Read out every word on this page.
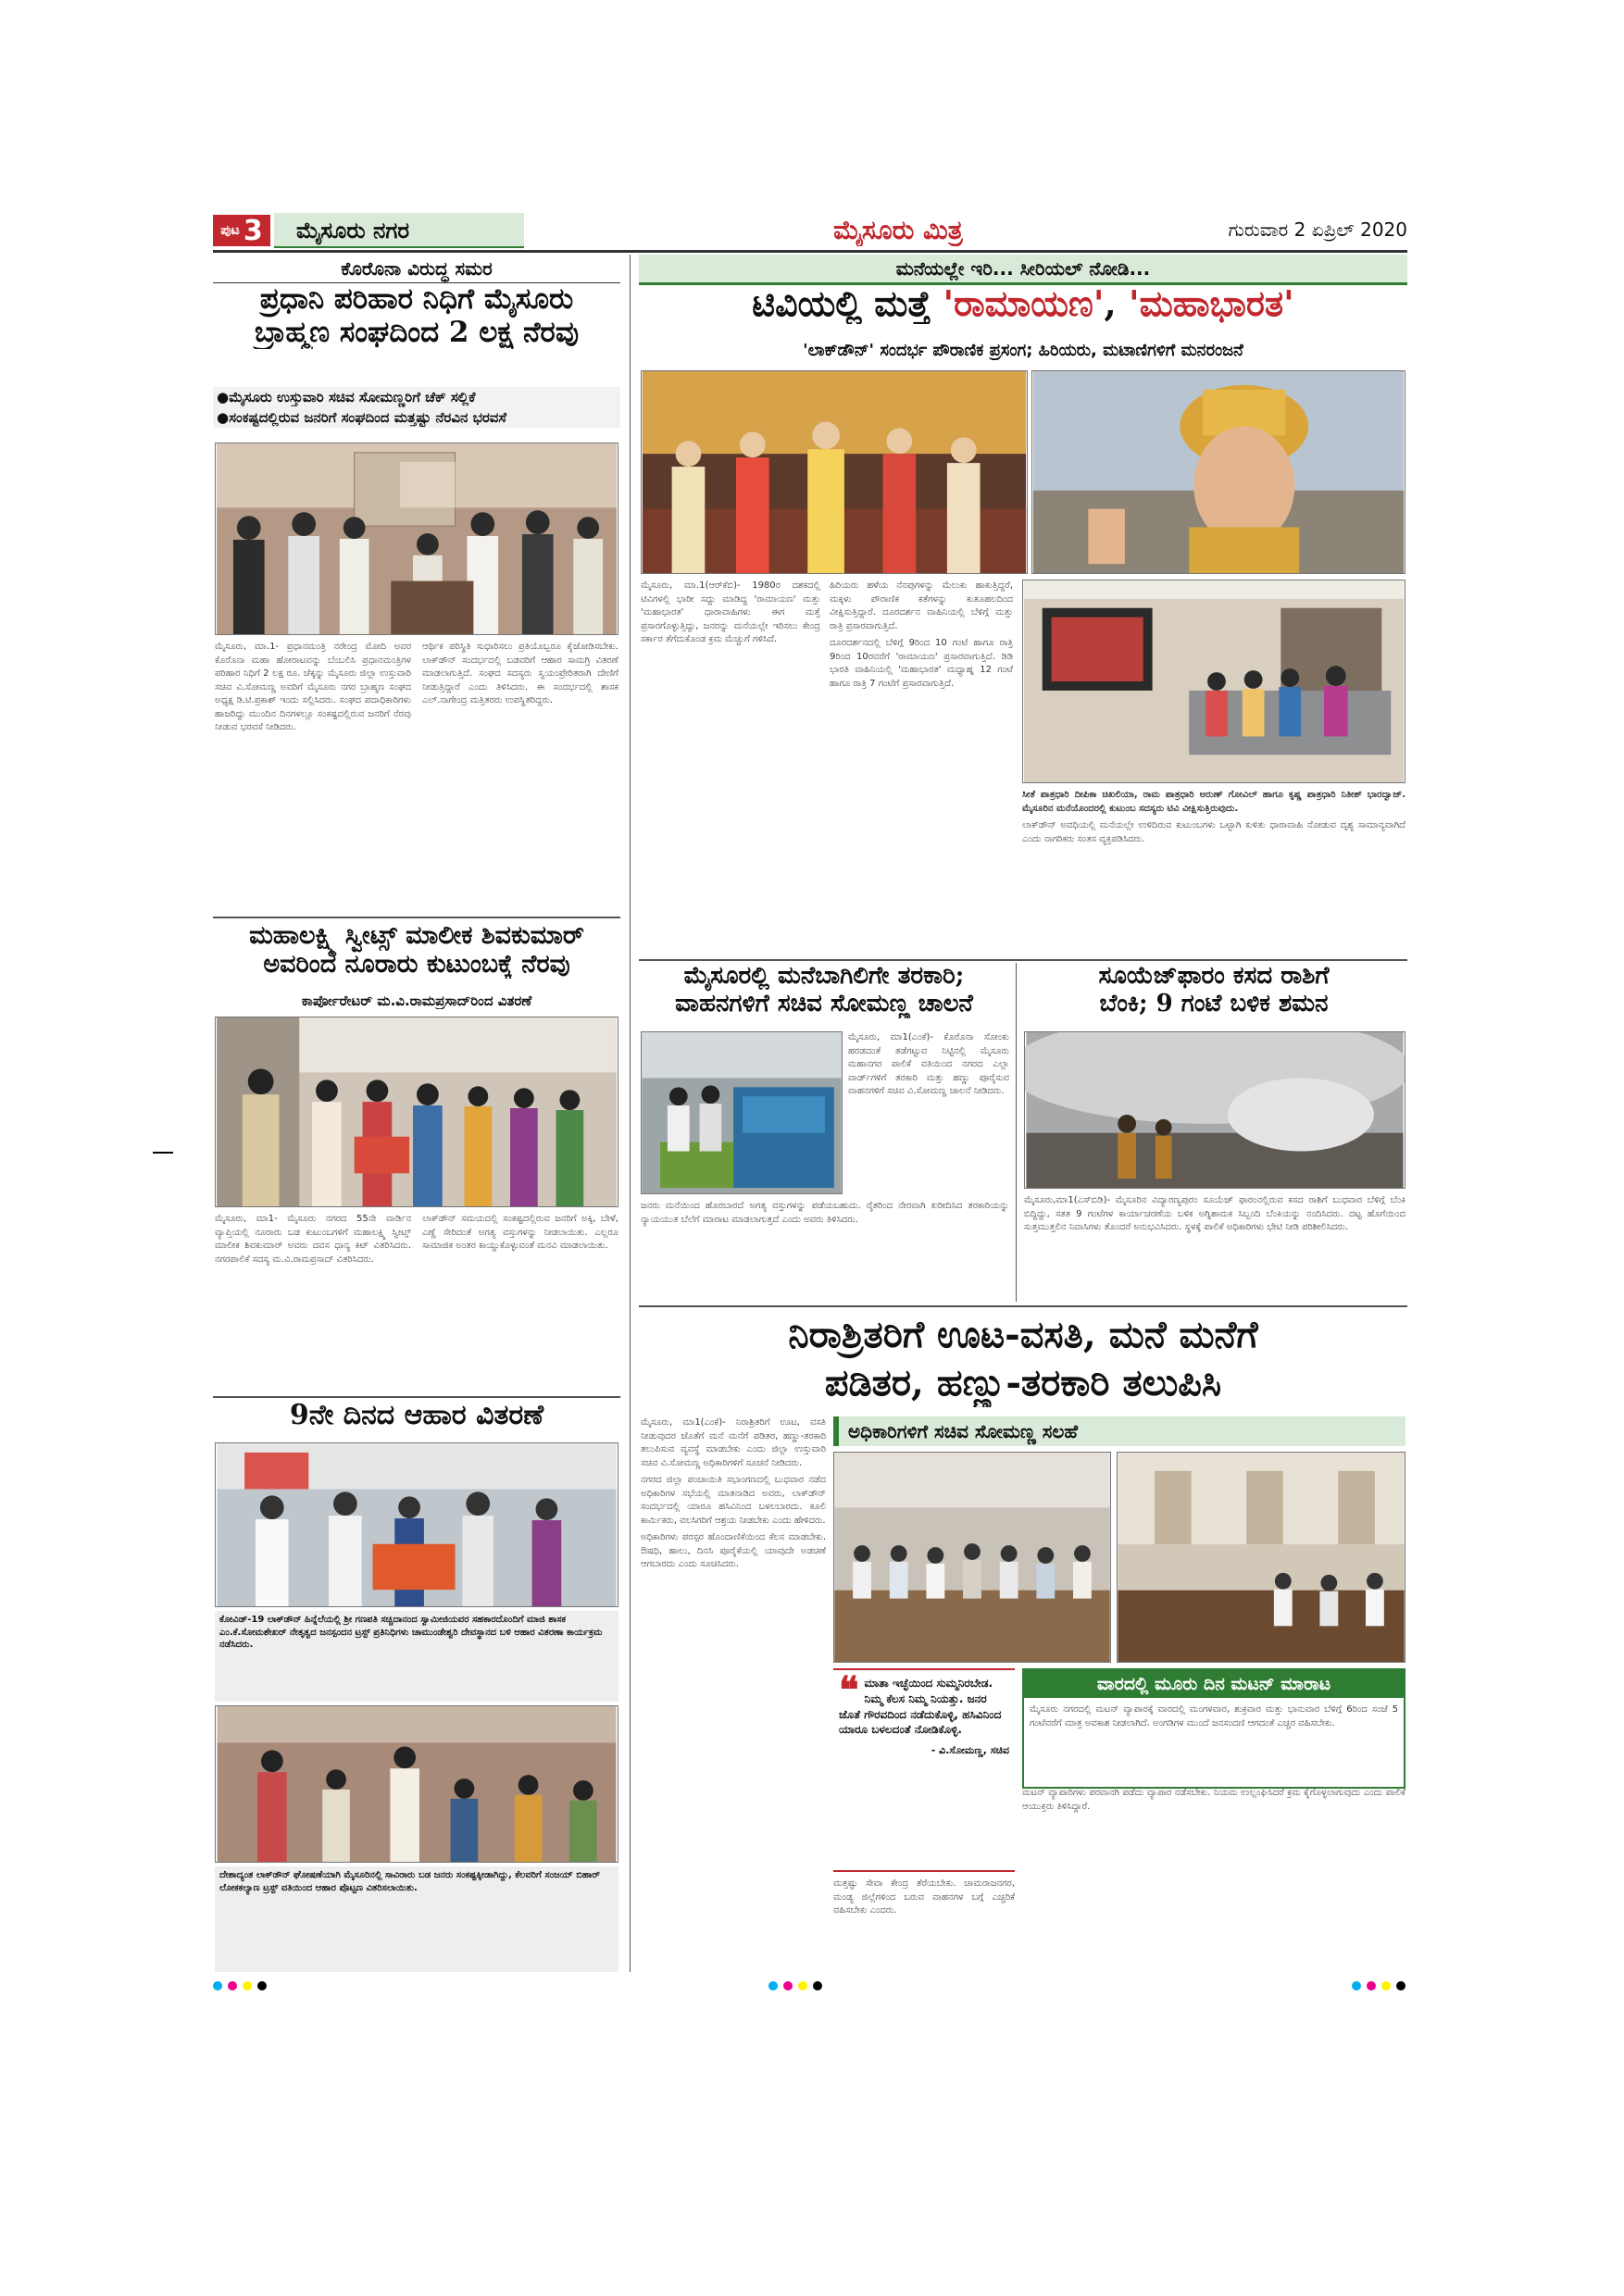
ಪುಟ 3	ಮೈಸೂರು ನಗರ	ಮೈಸೂರು ಮಿತ್ರ	ಗುರುವಾರ 2 ಏಪ್ರಿಲ್ 2020
ಕೊರೊನಾ ವಿರುದ್ಧ ಸಮರ
ಪ್ರಧಾನಿ ಪರಿಹಾರ ನಿಧಿಗೆ ಮೈಸೂರು
ಬ್ರಾಹ್ಮಣ ಸಂಘದಿಂದ 2 ಲಕ್ಷ ನೆರವು
●ಮೈಸೂರು ಉಸ್ತುವಾರಿ ಸಚಿವ ಸೋಮಣ್ಣರಿಗೆ ಚೆಕ್ ಸಲ್ಲಿಕೆ
●ಸಂಕಷ್ಟದಲ್ಲಿರುವ ಜನರಿಗೆ ಸಂಘದಿಂದ ಮತ್ತಷ್ಟು ನೆರವಿನ ಭರವಸೆ

ಮೈಸೂರು, ಮಾ.1- ಪ್ರಧಾನಮಂತ್ರಿ ನರೇಂದ್ರ ಮೋದಿ ಅವರ ಕೊರೊನಾ ಮಹಾ ಹೋರಾಟವನ್ನು ಬೆಂಬಲಿಸಿ ಪ್ರಧಾನಮಂತ್ರಿಗಳ ಪರಿಹಾರ ನಿಧಿಗೆ 2 ಲಕ್ಷ ರೂ. ಚೆಕ್ಕನ್ನು ಮೈಸೂರು ಜಿಲ್ಲಾ ಉಸ್ತುವಾರಿ ಸಚಿವ ವಿ.ಸೋಮಣ್ಣ ಅವರಿಗೆ ಮೈಸೂರು ನಗರ ಬ್ರಾಹ್ಮಣ ಸಂಘದ ಅಧ್ಯಕ್ಷ ಡಿ.ಟಿ.ಪ್ರಕಾಶ್ ಇಂದು ಸಲ್ಲಿಸಿದರು. ಸಂಘದ ಪದಾಧಿಕಾರಿಗಳು ಹಾಜರಿದ್ದು ಮುಂದಿನ ದಿನಗಳಲ್ಲೂ ಸಂಕಷ್ಟದಲ್ಲಿರುವ ಜನರಿಗೆ ನೆರವು ನೀಡುವ ಭರವಸೆ ನೀಡಿದರು.

ಆರ್ಥಿಕ ಪರಿಸ್ಥಿತಿ ಸುಧಾರಿಸಲು ಪ್ರತಿಯೊಬ್ಬರೂ ಕೈಜೋಡಿಸಬೇಕು. ಲಾಕ್‌ಡೌನ್ ಸಂದರ್ಭದಲ್ಲಿ ಬಡವರಿಗೆ ಆಹಾರ ಸಾಮಗ್ರಿ ವಿತರಣೆ ಮಾಡಲಾಗುತ್ತಿದೆ. ಸಂಘದ ಸದಸ್ಯರು ಸ್ವಯಂಪ್ರೇರಿತರಾಗಿ ದೇಣಿಗೆ ನೀಡುತ್ತಿದ್ದಾರೆ ಎಂದು ತಿಳಿಸಿದರು. ಈ ಸಂದರ್ಭದಲ್ಲಿ ಶಾಸಕ ಎಲ್.ನಾಗೇಂದ್ರ ಮತ್ತಿತರರು ಉಪಸ್ಥಿತರಿದ್ದರು.

ಮಹಾಲಕ್ಷ್ಮಿ ಸ್ವೀಟ್ಸ್ ಮಾಲೀಕ ಶಿವಕುಮಾರ್
ಅವರಿಂದ ನೂರಾರು ಕುಟುಂಬಕ್ಕೆ ನೆರವು
ಕಾರ್ಪೋರೇಟರ್ ಮ.ವಿ.ರಾಮಪ್ರಸಾದ್‌ರಿಂದ ವಿತರಣೆ

ಮೈಸೂರು, ಮಾ1- ಮೈಸೂರು ನಗರದ 55ನೇ ವಾರ್ಡಿನ ವ್ಯಾಪ್ತಿಯಲ್ಲಿ ನೂರಾರು ಬಡ ಕುಟುಂಬಗಳಿಗೆ ಮಹಾಲಕ್ಷ್ಮಿ ಸ್ವೀಟ್ಸ್ ಮಾಲೀಕ ಶಿವಕುಮಾರ್ ಅವರು ದವಸ ಧಾನ್ಯ ಕಿಟ್ ವಿತರಿಸಿದರು. ನಗರಪಾಲಿಕೆ ಸದಸ್ಯ ಮ.ವಿ.ರಾಮಪ್ರಸಾದ್ ವಿತರಿಸಿದರು.

ಲಾಕ್‌ಡೌನ್ ಸಮಯದಲ್ಲಿ ಸಂಕಷ್ಟದಲ್ಲಿರುವ ಜನರಿಗೆ ಅಕ್ಕಿ, ಬೇಳೆ, ಎಣ್ಣೆ ಸೇರಿದಂತೆ ಅಗತ್ಯ ವಸ್ತುಗಳನ್ನು ನೀಡಲಾಯಿತು. ಎಲ್ಲರೂ ಸಾಮಾಜಿಕ ಅಂತರ ಕಾಯ್ದುಕೊಳ್ಳುವಂತೆ ಮನವಿ ಮಾಡಲಾಯಿತು.

9ನೇ ದಿನದ ಆಹಾರ ವಿತರಣೆ
ಕೋವಿಡ್-19 ಲಾಕ್‌ಡೌನ್ ಹಿನ್ನೆಲೆಯಲ್ಲಿ ಶ್ರೀ ಗಣಪತಿ ಸಚ್ಚಿದಾನಂದ ಸ್ವಾಮೀಜಿಯವರ ಸಹಕಾರದೊಂದಿಗೆ ಮಾಜಿ ಶಾಸಕ ಎಂ.ಕೆ.ಸೋಮಶೇಖರ್ ನೇತೃತ್ವದ ಜನಸ್ಪಂದನ ಟ್ರಸ್ಟ್ ಪ್ರತಿನಿಧಿಗಳು ಚಾಮುಂಡೇಶ್ವರಿ ದೇವಸ್ಥಾನದ ಬಳಿ ಆಹಾರ ವಿತರಣಾ ಕಾರ್ಯಕ್ರಮ ನಡೆಸಿದರು.
ದೇಶಾದ್ಯಂತ ಲಾಕ್‌ಡೌನ್ ಘೋಷಣೆಯಾಗಿ ಮೈಸೂರಿನಲ್ಲಿ ಸಾವಿರಾರು ಬಡ ಜನರು ಸಂಕಷ್ಟಕ್ಕೀಡಾಗಿದ್ದು, ಕೆಲವರಿಗೆ ಸಂಜಯ್ ಬಿಹಾರ್ ಲೋಕಕಲ್ಯಾಣ ಟ್ರಸ್ಟ್ ವತಿಯಿಂದ ಆಹಾರ ಪೊಟ್ಟಣ ವಿತರಿಸಲಾಯಿತು.
ಮನೆಯಲ್ಲೇ ಇರಿ... ಸೀರಿಯಲ್ ನೋಡಿ...
ಟಿವಿಯಲ್ಲಿ ಮತ್ತೆ 'ರಾಮಾಯಣ', 'ಮಹಾಭಾರತ'
'ಲಾಕ್‌ಡೌನ್' ಸಂದರ್ಭ ಪೌರಾಣಿಕ ಪ್ರಸಂಗ; ಹಿರಿಯರು, ಮಟಾಣಿಗಳಿಗೆ ಮನರಂಜನೆ

ಮೈಸೂರು, ಮಾ.1(ಆರ್‌ಕೆಬಿ)- 1980ರ ದಶಕದಲ್ಲಿ ಟಿವಿಗಳಲ್ಲಿ ಭಾರೀ ಸದ್ದು ಮಾಡಿದ್ದ 'ರಾಮಾಯಣ' ಮತ್ತು 'ಮಹಾಭಾರತ' ಧಾರಾವಾಹಿಗಳು ಈಗ ಮತ್ತೆ ಪ್ರಸಾರಗೊಳ್ಳುತ್ತಿದ್ದು, ಜನರನ್ನು ಮನೆಯಲ್ಲೇ ಇರಿಸಲು ಕೇಂದ್ರ ಸರ್ಕಾರ ತೆಗೆದುಕೊಂಡ ಕ್ರಮ ಮೆಚ್ಚುಗೆ ಗಳಿಸಿದೆ.

ಹಿರಿಯರು ಹಳೆಯ ನೆನಪುಗಳನ್ನು ಮೆಲುಕು ಹಾಕುತ್ತಿದ್ದರೆ, ಮಕ್ಕಳು ಪೌರಾಣಿಕ ಕತೆಗಳನ್ನು ಕುತೂಹಲದಿಂದ ವೀಕ್ಷಿಸುತ್ತಿದ್ದಾರೆ. ದೂರದರ್ಶನ ವಾಹಿನಿಯಲ್ಲಿ ಬೆಳಿಗ್ಗೆ ಮತ್ತು ರಾತ್ರಿ ಪ್ರಸಾರವಾಗುತ್ತಿದೆ.

ದೂರದರ್ಶನದಲ್ಲಿ ಬೆಳಿಗ್ಗೆ 9ರಿಂದ 10 ಗಂಟೆ ಹಾಗೂ ರಾತ್ರಿ 9ರಿಂದ 10ರವರೆಗೆ 'ರಾಮಾಯಣ' ಪ್ರಸಾರವಾಗುತ್ತಿದೆ. ಡಿಡಿ ಭಾರತಿ ವಾಹಿನಿಯಲ್ಲಿ 'ಮಹಾಭಾರತ' ಮಧ್ಯಾಹ್ನ 12 ಗಂಟೆ ಹಾಗೂ ರಾತ್ರಿ 7 ಗಂಟೆಗೆ ಪ್ರಸಾರವಾಗುತ್ತಿದೆ.

ಸೀತೆ ಪಾತ್ರಧಾರಿ ದೀಪಿಕಾ ಚಿಖಲಿಯಾ, ರಾಮ ಪಾತ್ರಧಾರಿ ಅರುಣ್ ಗೋವಿಲ್ ಹಾಗೂ ಕೃಷ್ಣ ಪಾತ್ರಧಾರಿ ನಿತೀಶ್ ಭಾರದ್ವಾಜ್. ಮೈಸೂರಿನ ಮನೆಯೊಂದರಲ್ಲಿ ಕುಟುಂಬ ಸದಸ್ಯರು ಟಿವಿ ವೀಕ್ಷಿಸುತ್ತಿರುವುದು.

ಲಾಕ್‌ಡೌನ್ ಅವಧಿಯಲ್ಲಿ ಮನೆಯಲ್ಲೇ ಉಳಿದಿರುವ ಕುಟುಂಬಗಳು ಒಟ್ಟಾಗಿ ಕುಳಿತು ಧಾರಾವಾಹಿ ನೋಡುವ ದೃಶ್ಯ ಸಾಮಾನ್ಯವಾಗಿದೆ ಎಂದು ನಾಗರಿಕರು ಸಂತಸ ವ್ಯಕ್ತಪಡಿಸಿದರು.

ಮೈಸೂರಲ್ಲಿ ಮನೆಬಾಗಿಲಿಗೇ ತರಕಾರಿ;
ವಾಹನಗಳಿಗೆ ಸಚಿವ ಸೋಮಣ್ಣ ಚಾಲನೆ

ಮೈಸೂರು, ಮಾ1(ಎಂಕೆ)- ಕೊರೊನಾ ಸೋಂಕು ಹರಡದಂತೆ ತಡೆಗಟ್ಟುವ ನಿಟ್ಟಿನಲ್ಲಿ ಮೈಸೂರು ಮಹಾನಗರ ಪಾಲಿಕೆ ವತಿಯಿಂದ ನಗರದ ಎಲ್ಲಾ ವಾರ್ಡ್‌ಗಳಿಗೆ ತರಕಾರಿ ಮತ್ತು ಹಣ್ಣು ಪೂರೈಸುವ ವಾಹನಗಳಿಗೆ ಸಚಿವ ವಿ.ಸೋಮಣ್ಣ ಚಾಲನೆ ನೀಡಿದರು.

ಜನರು ಮನೆಯಿಂದ ಹೊರಬಾರದೆ ಅಗತ್ಯ ವಸ್ತುಗಳನ್ನು ಪಡೆಯಬಹುದು. ರೈತರಿಂದ ನೇರವಾಗಿ ಖರೀದಿಸಿದ ತರಕಾರಿಯನ್ನು ನ್ಯಾಯಯುತ ಬೆಲೆಗೆ ಮಾರಾಟ ಮಾಡಲಾಗುತ್ತದೆ ಎಂದು ಅವರು ತಿಳಿಸಿದರು.

ಸೂಯೆಜ್‌ಫಾರಂ ಕಸದ ರಾಶಿಗೆ
ಬೆಂಕಿ; 9 ಗಂಟೆ ಬಳಿಕ ಶಮನ

ಮೈಸೂರು,ಮಾ1(ಎಸ್‌ಬಿಡಿ)- ಮೈಸೂರಿನ ವಿದ್ಯಾರಣ್ಯಪುರಂ ಸೂಯೆಜ್ ಫಾರಂನಲ್ಲಿರುವ ಕಸದ ರಾಶಿಗೆ ಬುಧವಾರ ಬೆಳಿಗ್ಗೆ ಬೆಂಕಿ ಬಿದ್ದಿದ್ದು, ಸತತ 9 ಗಂಟೆಗಳ ಕಾರ್ಯಾಚರಣೆಯ ಬಳಿಕ ಅಗ್ನಿಶಾಮಕ ಸಿಬ್ಬಂದಿ ಬೆಂಕಿಯನ್ನು ನಂದಿಸಿದರು. ದಟ್ಟ ಹೊಗೆಯಿಂದ ಸುತ್ತಮುತ್ತಲಿನ ನಿವಾಸಿಗಳು ತೊಂದರೆ ಅನುಭವಿಸಿದರು. ಸ್ಥಳಕ್ಕೆ ಪಾಲಿಕೆ ಅಧಿಕಾರಿಗಳು ಭೇಟಿ ನೀಡಿ ಪರಿಶೀಲಿಸಿದರು.

ನಿರಾಶ್ರಿತರಿಗೆ ಊಟ-ವಸತಿ, ಮನೆ ಮನೆಗೆ
ಪಡಿತರ, ಹಣ್ಣು-ತರಕಾರಿ ತಲುಪಿಸಿ

ಮೈಸೂರು, ಮಾ1(ಎಂಕೆ)- ನಿರಾಶ್ರಿತರಿಗೆ ಊಟ, ವಸತಿ ನೀಡುವುದರ ಜೊತೆಗೆ ಮನೆ ಮನೆಗೆ ಪಡಿತರ, ಹಣ್ಣು-ತರಕಾರಿ ತಲುಪಿಸುವ ವ್ಯವಸ್ಥೆ ಮಾಡಬೇಕು ಎಂದು ಜಿಲ್ಲಾ ಉಸ್ತುವಾರಿ ಸಚಿವ ವಿ.ಸೋಮಣ್ಣ ಅಧಿಕಾರಿಗಳಿಗೆ ಸೂಚನೆ ನೀಡಿದರು.

ನಗರದ ಜಿಲ್ಲಾ ಪಂಚಾಯಿತಿ ಸಭಾಂಗಣದಲ್ಲಿ ಬುಧವಾರ ನಡೆದ ಅಧಿಕಾರಿಗಳ ಸಭೆಯಲ್ಲಿ ಮಾತನಾಡಿದ ಅವರು, ಲಾಕ್‌ಡೌನ್ ಸಂದರ್ಭದಲ್ಲಿ ಯಾರೂ ಹಸಿವಿನಿಂದ ಬಳಲಬಾರದು. ಕೂಲಿ ಕಾರ್ಮಿಕರು, ವಲಸಿಗರಿಗೆ ಆಶ್ರಯ ನೀಡಬೇಕು ಎಂದು ಹೇಳಿದರು.

ಅಧಿಕಾರಿಗಳು ಪರಸ್ಪರ ಹೊಂದಾಣಿಕೆಯಿಂದ ಕೆಲಸ ಮಾಡಬೇಕು. ಔಷಧಿ, ಹಾಲು, ದಿನಸಿ ಪೂರೈಕೆಯಲ್ಲಿ ಯಾವುದೇ ಅಡಚಣೆ ಆಗಬಾರದು ಎಂದು ಸೂಚಿಸಿದರು.

ಅಧಿಕಾರಿಗಳಿಗೆ ಸಚಿವ ಸೋಮಣ್ಣ ಸಲಹೆ
❝ ಮಾತಾ ಇಚ್ಛೆಯಿಂದ ಸುಮ್ಮನಿರಬೇಡ. ನಿಮ್ಮ ಕೆಲಸ ನಿಮ್ಮ ನಿಯತ್ತು. ಜನರ ಜೊತೆ ಗೌರವದಿಂದ ನಡೆದುಕೊಳ್ಳಿ, ಹಸಿವಿನಿಂದ ಯಾರೂ ಬಳಲದಂತೆ ನೋಡಿಕೊಳ್ಳಿ.
- ವಿ.ಸೋಮಣ್ಣ, ಸಚಿವ

ಮತ್ತಷ್ಟು ಸೇವಾ ಕೇಂದ್ರ ತೆರೆಯಬೇಕು. ಚಾಮರಾಜನಗರ, ಮಂಡ್ಯ ಜಿಲ್ಲೆಗಳಿಂದ ಬರುವ ವಾಹನಗಳ ಬಗ್ಗೆ ಎಚ್ಚರಿಕೆ ವಹಿಸಬೇಕು ಎಂದರು.

ವಾರದಲ್ಲಿ ಮೂರು ದಿನ ಮಟನ್ ಮಾರಾಟ

ಮೈಸೂರು ನಗರದಲ್ಲಿ ಮಟನ್ ವ್ಯಾಪಾರಕ್ಕೆ ವಾರದಲ್ಲಿ ಮಂಗಳವಾರ, ಶುಕ್ರವಾರ ಮತ್ತು ಭಾನುವಾರ ಬೆಳಿಗ್ಗೆ 6ರಿಂದ ಸಂಜೆ 5 ಗಂಟೆವರೆಗೆ ಮಾತ್ರ ಅವಕಾಶ ನೀಡಲಾಗಿದೆ. ಅಂಗಡಿಗಳ ಮುಂದೆ ಜನಸಂದಣಿ ಆಗದಂತೆ ಎಚ್ಚರ ವಹಿಸಬೇಕು.

ಮಟನ್ ವ್ಯಾಪಾರಿಗಳು ಪರವಾನಗಿ ಪಡೆದು ವ್ಯಾಪಾರ ನಡೆಸಬೇಕು. ನಿಯಮ ಉಲ್ಲಂಘಿಸಿದರೆ ಕ್ರಮ ಕೈಗೊಳ್ಳಲಾಗುವುದು ಎಂದು ಪಾಲಿಕೆ ಆಯುಕ್ತರು ತಿಳಿಸಿದ್ದಾರೆ.
